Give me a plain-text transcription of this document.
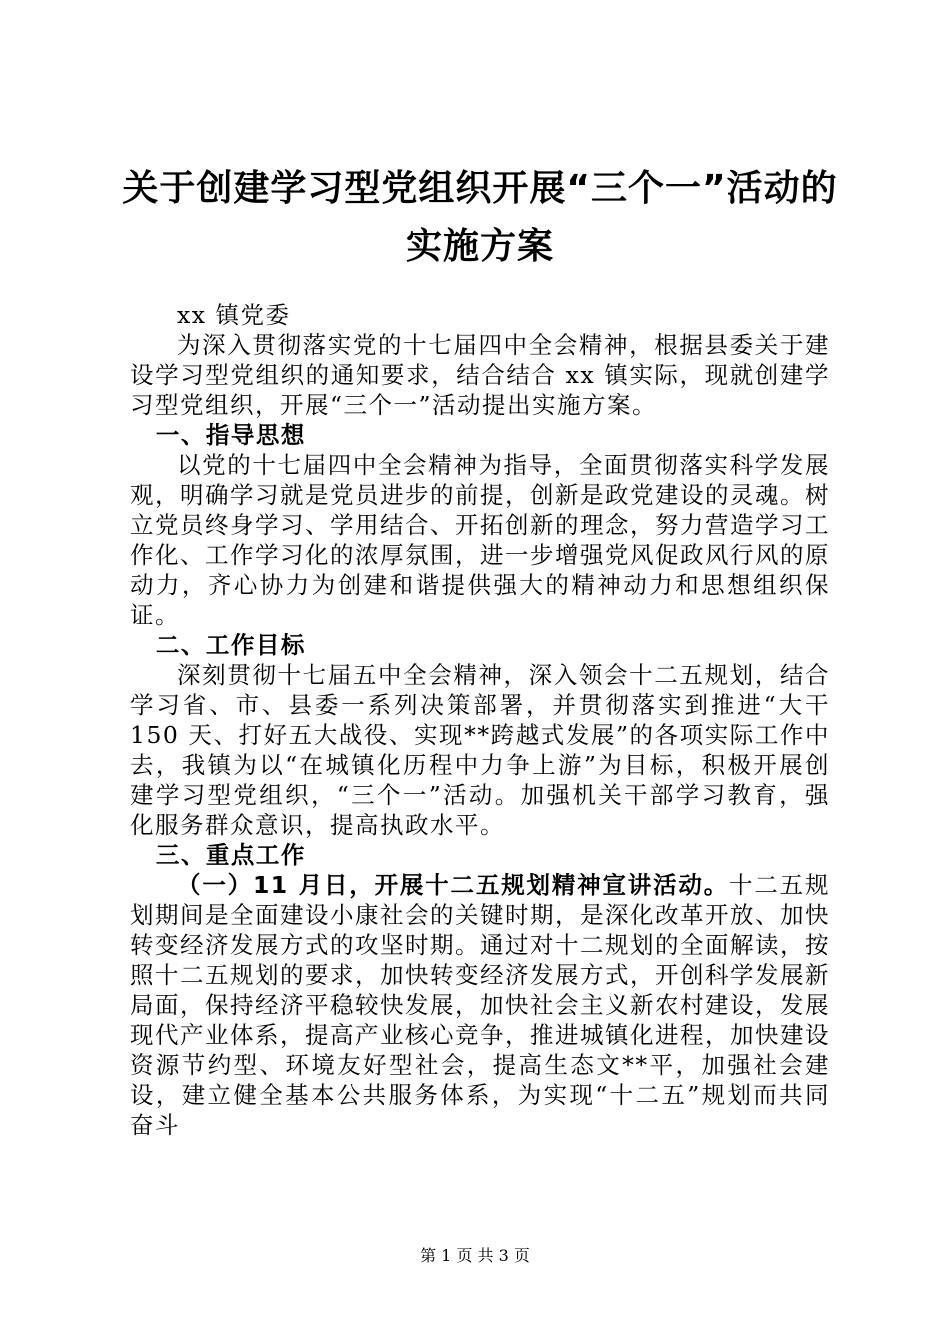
关于创建学习型党组织开展“三个一”活动的
实施方案

xx 镇党委

为深入贯彻落实党的十七届四中全会精神，根据县委关于建设学习型党组织的通知要求，结合结合 xx 镇实际，现就创建学习型党组织，开展“三个一”活动提出实施方案。

一、指导思想

以党的十七届四中全会精神为指导，全面贯彻落实科学发展观，明确学习就是党员进步的前提，创新是政党建设的灵魂。树立党员终身学习、学用结合、开拓创新的理念，努力营造学习工作化、工作学习化的浓厚氛围，进一步增强党风促政风行风的原动力，齐心协力为创建和谐提供强大的精神动力和思想组织保证。

二、工作目标

深刻贯彻十七届五中全会精神，深入领会十二五规划，结合学习省、市、县委一系列决策部署，并贯彻落实到推进“大干 150 天、打好五大战役、实现**跨越式发展”的各项实际工作中去，我镇为以“在城镇化历程中力争上游”为目标，积极开展创建学习型党组织，“三个一”活动。加强机关干部学习教育，强化服务群众意识，提高执政水平。

三、重点工作

（一）11 月日，开展十二五规划精神宣讲活动。十二五规划期间是全面建设小康社会的关键时期，是深化改革开放、加快转变经济发展方式的攻坚时期。通过对十二规划的全面解读，按照十二五规划的要求，加快转变经济发展方式，开创科学发展新局面，保持经济平稳较快发展，加快社会主义新农村建设，发展现代产业体系，提高产业核心竞争，推进城镇化进程，加快建设资源节约型、环境友好型社会，提高生态文**平，加强社会建设，建立健全基本公共服务体系，为实现“十二五”规划而共同奋斗

第 1 页 共 3 页
